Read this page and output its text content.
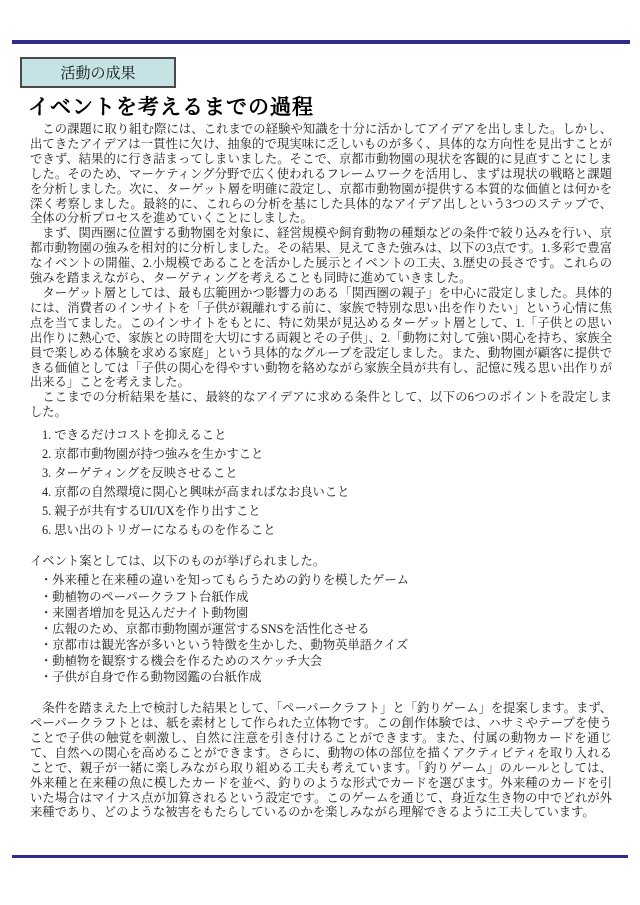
活動の成果
イベントを考えるまでの過程

この課題に取り組む際には、これまでの経験や知識を十分に活かしてアイデアを出しました。しかし、出てきたアイデアは一貫性に欠け、抽象的で現実味に乏しいものが多く、具体的な方向性を見出すことができず、結果的に行き詰まってしまいました。そこで、京都市動物園の現状を客観的に見直すことにしました。そのため、マーケティング分野で広く使われるフレームワークを活用し、まずは現状の戦略と課題を分析しました。次に、ターゲット層を明確に設定し、京都市動物園が提供する本質的な価値とは何かを深く考察しました。最終的に、これらの分析を基にした具体的なアイデア出しという3つのステップで、全体の分析プロセスを進めていくことにしました。

まず、関西圏に位置する動物園を対象に、経営規模や飼育動物の種類などの条件で絞り込みを行い、京都市動物園の強みを相対的に分析しました。その結果、見えてきた強みは、以下の3点です。1.多彩で豊富なイベントの開催、2.小規模であることを活かした展示とイベントの工夫、3.歴史の長さです。これらの強みを踏まえながら、ターゲティングを考えることも同時に進めていきました。

ターゲット層としては、最も広範囲かつ影響力のある「関西圏の親子」を中心に設定しました。具体的には、消費者のインサイトを「子供が親離れする前に、家族で特別な思い出を作りたい」という心情に焦点を当てました。このインサイトをもとに、特に効果が見込めるターゲット層として、1.「子供との思い出作りに熱心で、家族との時間を大切にする両親とその子供」、2.「動物に対して強い関心を持ち、家族全員で楽しめる体験を求める家庭」という具体的なグループを設定しました。また、動物園が顧客に提供できる価値としては「子供の関心を得やすい動物を絡めながら家族全員が共有し、記憶に残る思い出作りが出来る」ことを考えました。

ここまでの分析結果を基に、最終的なアイデアに求める条件として、以下の6つのポイントを設定しました。

1. できるだけコストを抑えること
2. 京都市動物園が持つ強みを生かすこと
3. ターゲティングを反映させること
4. 京都の自然環境に関心と興味が高まればなお良いこと
5. 親子が共有するUI/UXを作り出すこと
6. 思い出のトリガーになるものを作ること

イベント案としては、以下のものが挙げられました。

・外来種と在来種の違いを知ってもらうための釣りを模したゲーム
・動植物のペーパークラフト台紙作成
・来園者増加を見込んだナイト動物園
・広報のため、京都市動物園が運営するSNSを活性化させる
・京都市は観光客が多いという特徴を生かした、動物英単語クイズ
・動植物を観察する機会を作るためのスケッチ大会
・子供が自身で作る動物図鑑の台紙作成

条件を踏まえた上で検討した結果として、「ペーパークラフト」と「釣りゲーム」を提案します。まず、ペーパークラフトとは、紙を素材として作られた立体物です。この創作体験では、ハサミやテープを使うことで子供の触覚を刺激し、自然に注意を引き付けることができます。また、付属の動物カードを通じて、自然への関心を高めることができます。さらに、動物の体の部位を描くアクティビティを取り入れることで、親子が一緒に楽しみながら取り組める工夫も考えています。「釣りゲーム」のルールとしては、外来種と在来種の魚に模したカードを並べ、釣りのような形式でカードを選びます。外来種のカードを引いた場合はマイナス点が加算されるという設定です。このゲームを通じて、身近な生き物の中でどれが外来種であり、どのような被害をもたらしているのかを楽しみながら理解できるように工夫しています。
